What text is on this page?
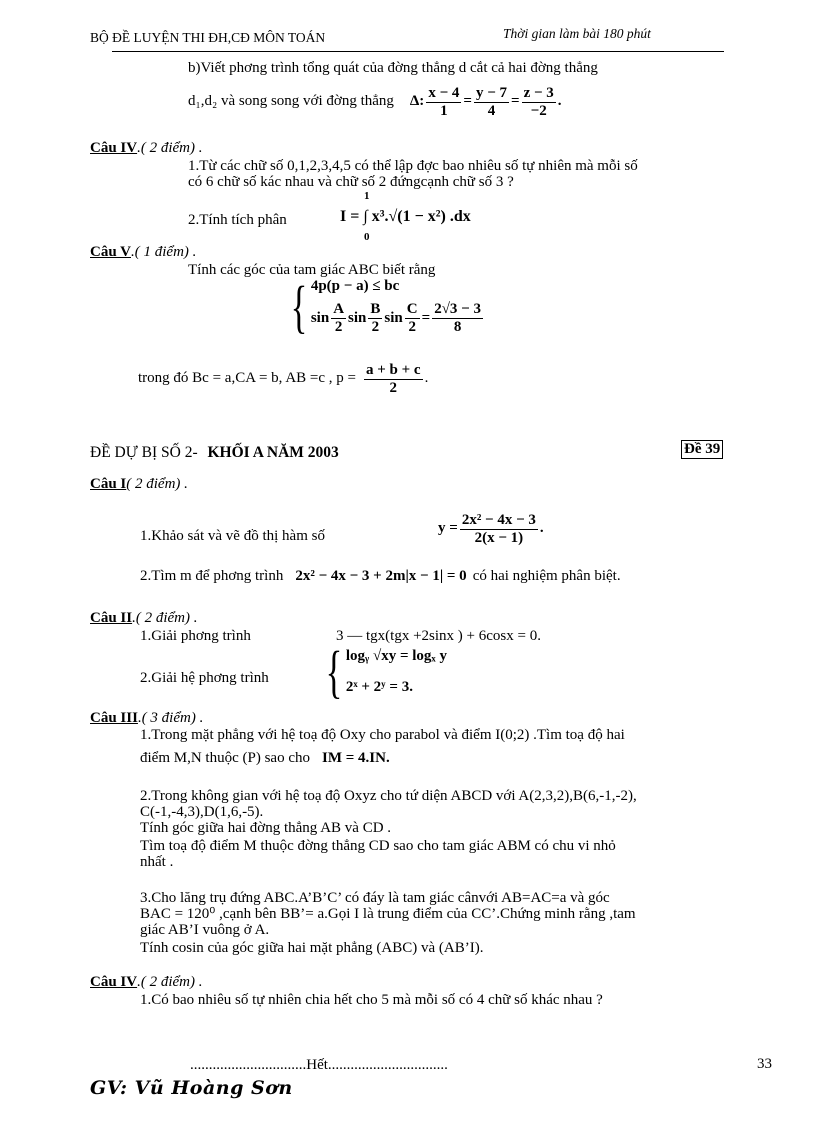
BỘ ĐỀ LUYỆN THI ĐH,CĐ MÔN TOÁN	Thời gian làm bài 180 phút
b)Viết phơng trình tổng quát của đờng thẳng d cắt cả hai đờng thẳng
d₁,d₂ và song song với đờng thẳng Δ: $\frac{x - 4}{1} = \frac{y - 7}{4} = \frac{z - 3}{-2}$ .
Câu IV.( 2 điểm) .
1.Từ các chữ số 0,1,2,3,4,5 có thể lập đợc bao nhiêu số tự nhiên mà mỗi số
có 6 chữ số kác nhau và chữ số 2 đứngcạnh chữ số 3 ?
2.Tính tích phân
1
I = ∫ x³.√(1 − x²) .dx
0
Câu V.( 1 điểm) .
Tính các góc của tam giác ABC biết rằng
{ 4p(p − a) ≤ bc
$\sin \frac{A}{2}$ $\sin \frac{B}{2}$ $\sin \frac{C}{2} = \frac{2√3 - 3}{8}$
trong đó Bc = a,CA = b, AB =c , $p = \frac{a + b + c}{2}$ .
ĐỀ DỰ BỊ SỐ 2- KHỐI A NĂM 2003	Đề 39
Câu I( 2 điểm) .
1.Khảo sát và vẽ đồ thị hàm số	$y = \frac{\text{2x² − 4x − 3}}{2(x - 1)}$ .
2.Tìm m để phơng trình 2x² − 4x − 3 + 2m|x − 1| = 0 có hai nghiệm phân biệt.
Câu II.( 2 điểm) .
1.Giải phơng trình	3 — tgx(tgx +2sinx ) + 6cosx = 0.
2.Giải hệ phơng trình { logᵧ √xy = logₓ y
2ˣ + 2ʸ = 3.
Câu III.( 3 điểm) .
1.Trong mặt phẳng với hệ toạ độ Oxy cho parabol và điểm I(0;2) .Tìm toạ độ hai
điểm M,N thuộc (P) sao cho IM = 4.IN.
2.Trong không gian với hệ toạ độ Oxyz cho tứ diện ABCD với A(2,3,2),B(6,-1,-2),
C(-1,-4,3),D(1,6,-5).
Tính góc giữa hai đờng thẳng AB và CD .
Tìm toạ độ điểm M thuộc đờng thẳng CD sao cho tam giác ABM có chu vi nhỏ
nhất .
3.Cho lăng trụ đứng ABC.A’B’C’ có đáy là tam giác cânvới AB=AC=a và góc
BAC = 120⁰ ,cạnh bên BB’= a.Gọi I là trung điểm của CC’.Chứng minh rằng ,tam
giác AB’I vuông ở A.
Tính cosin của góc giữa hai mặt phẳng (ABC) và (AB’I).
Câu IV.( 2 điểm) .
1.Có bao nhiêu số tự nhiên chia hết cho 5 mà mỗi số có 4 chữ số khác nhau ?
...............................Hết................................	33
GV: Vũ Hoàng Sơn
